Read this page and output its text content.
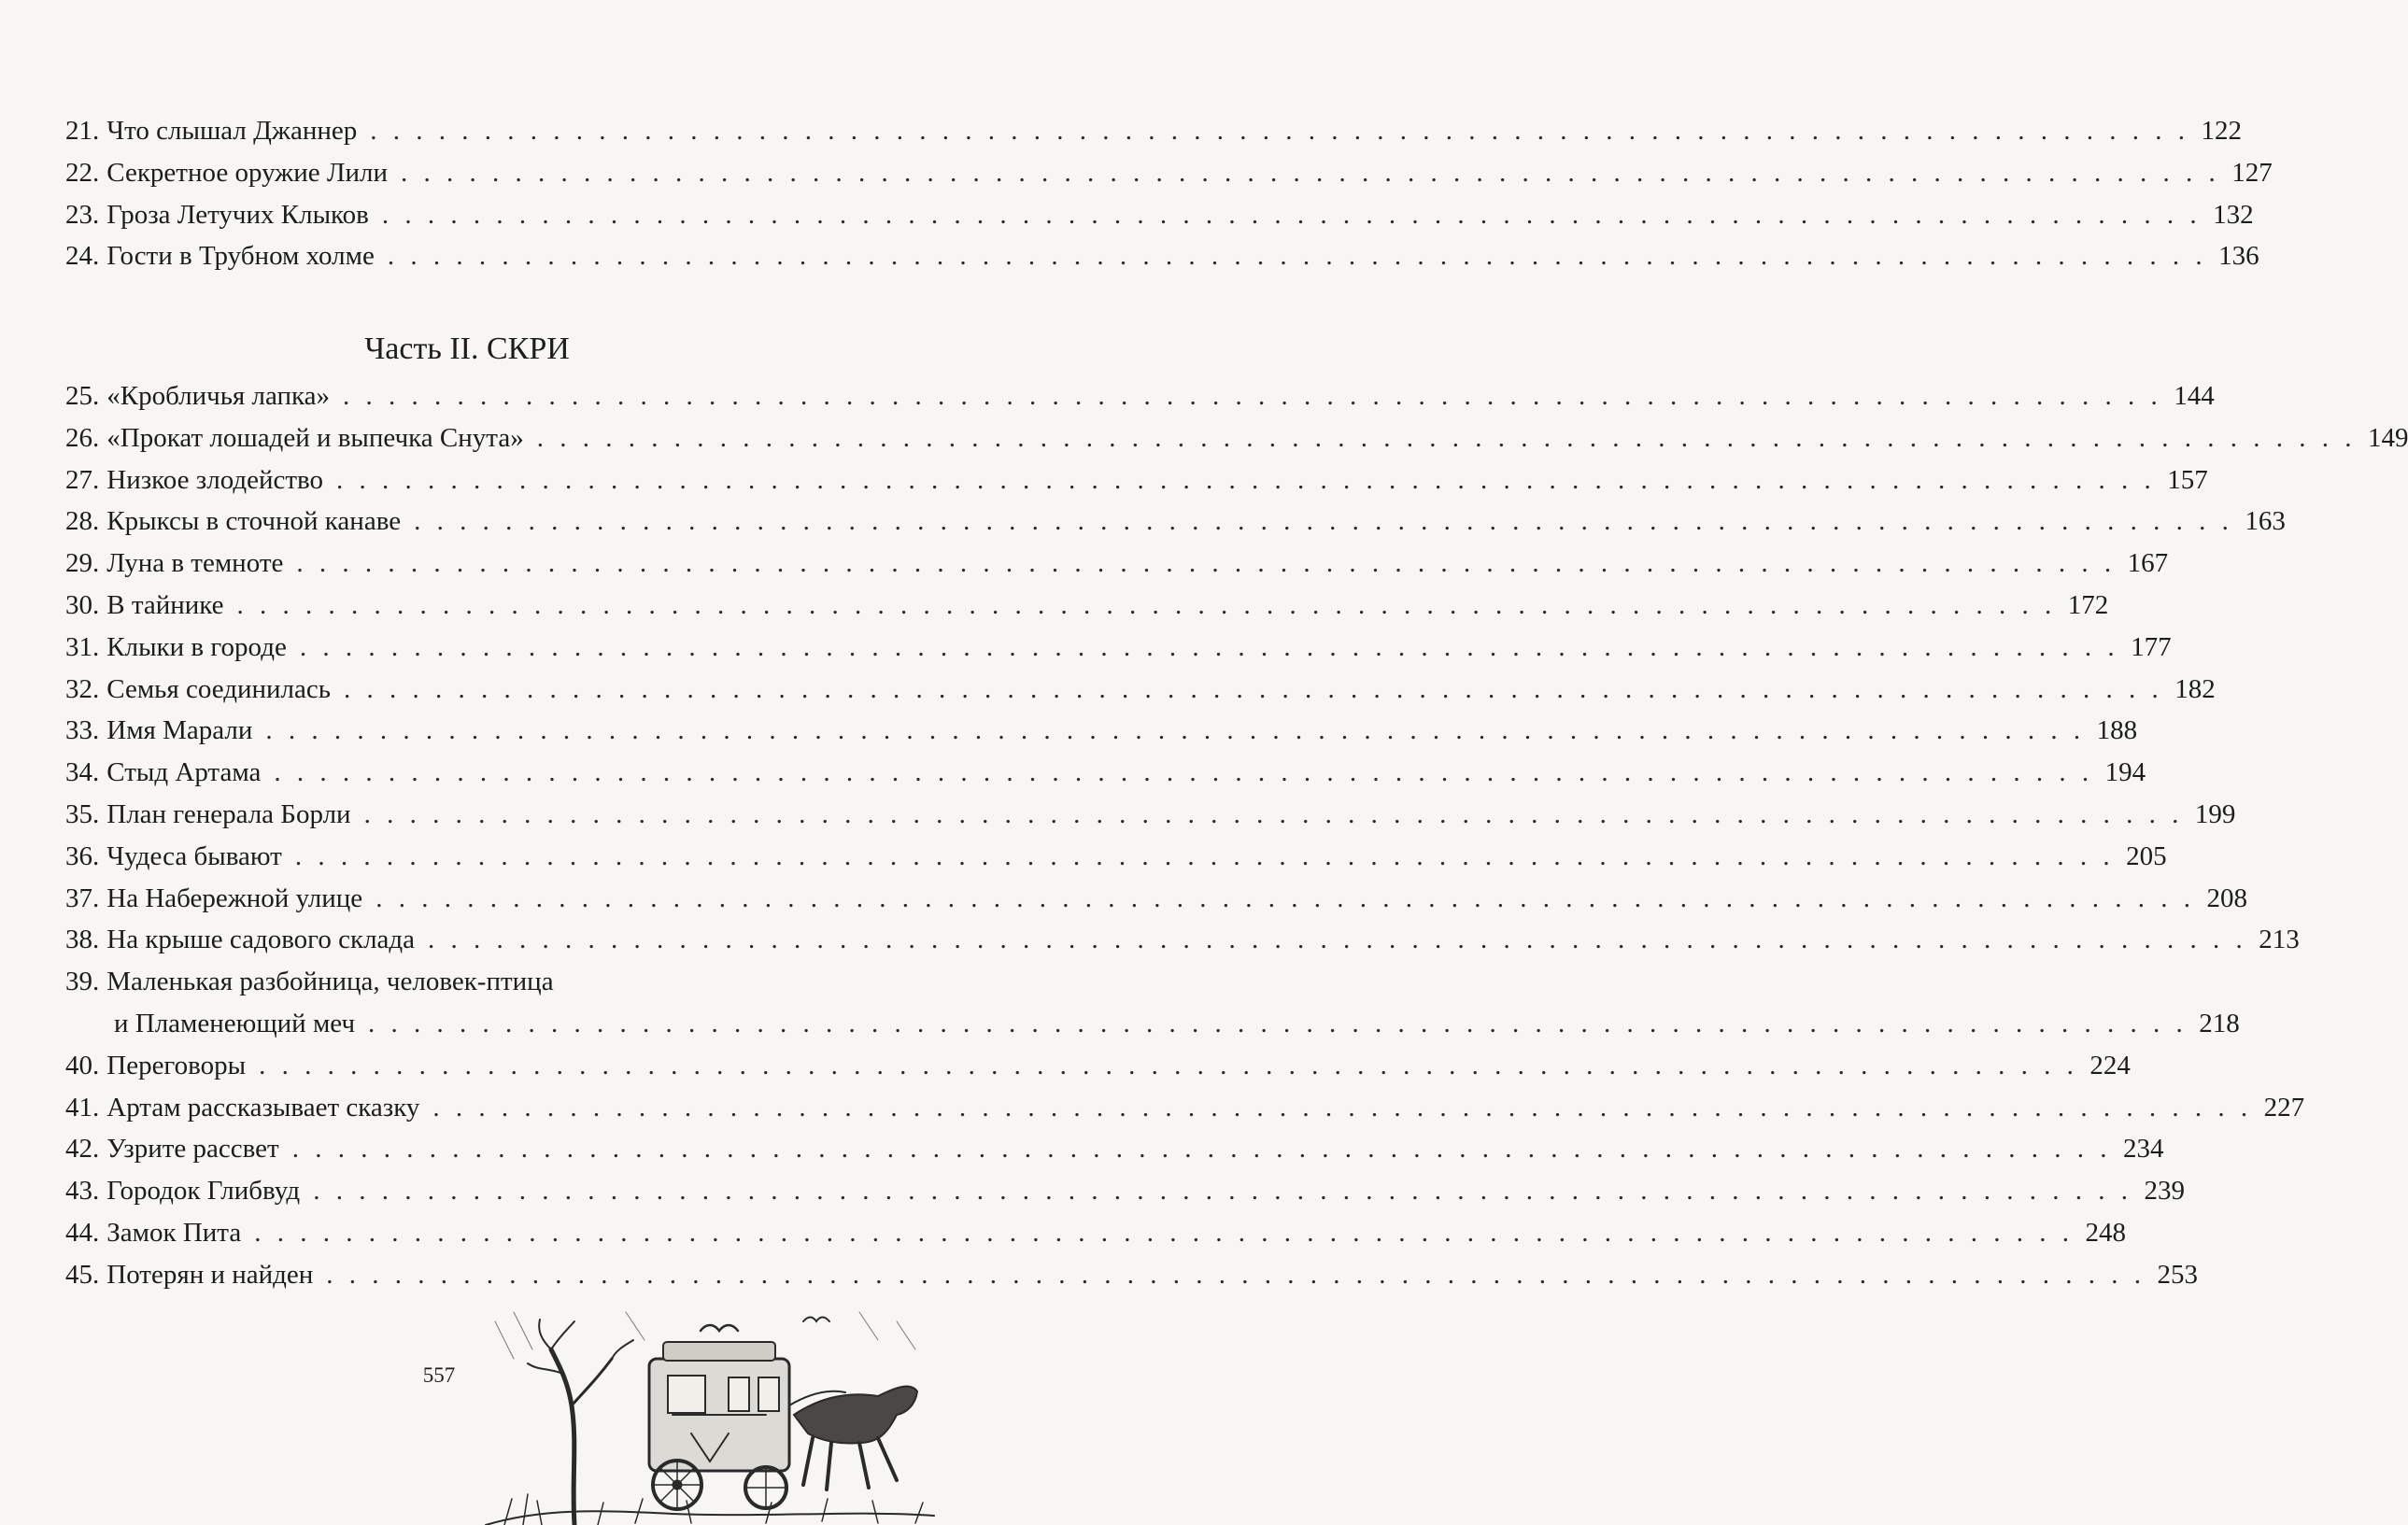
21. Что слышал Джаннер . . . . . . . . . . . . . . . . . . . . . . . . . . . . . . . . . . . . . . . . . . . . . . . . . . . . . . . . . . . . . . . . . . . . . . . . . . . . . . . . 122
22. Секретное оружие Лили . . . . . . . . . . . . . . . . . . . . . . . . . . . . . . . . . . . . . . . . . . . . . . . . . . . . . . . . . . . . . . . . . . . . . . . . . . . . . . . . 127
23. Гроза Летучих Клыков . . . . . . . . . . . . . . . . . . . . . . . . . . . . . . . . . . . . . . . . . . . . . . . . . . . . . . . . . . . . . . . . . . . . . . . . . . . . . . . . 132
24. Гости в Трубном холме . . . . . . . . . . . . . . . . . . . . . . . . . . . . . . . . . . . . . . . . . . . . . . . . . . . . . . . . . . . . . . . . . . . . . . . . . . . . . . . . 136
Часть II. СКРИ
25. «Кробличья лапка» . . . . . . . . . . . . . . . . . . . . . . . . . . . . . . . . . . . . . . . . . . . . . . . . . . . . . . . . . . . . . . . . . . . . . . . . . . . . . . . . 144
26. «Прокат лошадей и выпечка Снута» . . . . . . . . . . . . . . . . . . . . . . . . . . . . . . . . . . . . . . . . . . . . . . . . . . . . . . . . . . . . . . . . . . . . . . . . . . . . . . . . 149
27. Низкое злодейство . . . . . . . . . . . . . . . . . . . . . . . . . . . . . . . . . . . . . . . . . . . . . . . . . . . . . . . . . . . . . . . . . . . . . . . . . . . . . . . . 157
28. Крыксы в сточной канаве . . . . . . . . . . . . . . . . . . . . . . . . . . . . . . . . . . . . . . . . . . . . . . . . . . . . . . . . . . . . . . . . . . . . . . . . . . . . . . . . 163
29. Луна в темноте . . . . . . . . . . . . . . . . . . . . . . . . . . . . . . . . . . . . . . . . . . . . . . . . . . . . . . . . . . . . . . . . . . . . . . . . . . . . . . . . 167
30. В тайнике . . . . . . . . . . . . . . . . . . . . . . . . . . . . . . . . . . . . . . . . . . . . . . . . . . . . . . . . . . . . . . . . . . . . . . . . . . . . . . . . 172
31. Клыки в городе . . . . . . . . . . . . . . . . . . . . . . . . . . . . . . . . . . . . . . . . . . . . . . . . . . . . . . . . . . . . . . . . . . . . . . . . . . . . . . . . 177
32. Семья соединилась . . . . . . . . . . . . . . . . . . . . . . . . . . . . . . . . . . . . . . . . . . . . . . . . . . . . . . . . . . . . . . . . . . . . . . . . . . . . . . . . 182
33. Имя Марали . . . . . . . . . . . . . . . . . . . . . . . . . . . . . . . . . . . . . . . . . . . . . . . . . . . . . . . . . . . . . . . . . . . . . . . . . . . . . . . . 188
34. Стыд Артама . . . . . . . . . . . . . . . . . . . . . . . . . . . . . . . . . . . . . . . . . . . . . . . . . . . . . . . . . . . . . . . . . . . . . . . . . . . . . . . . 194
35. План генерала Борли . . . . . . . . . . . . . . . . . . . . . . . . . . . . . . . . . . . . . . . . . . . . . . . . . . . . . . . . . . . . . . . . . . . . . . . . . . . . . . . . 199
36. Чудеса бывают . . . . . . . . . . . . . . . . . . . . . . . . . . . . . . . . . . . . . . . . . . . . . . . . . . . . . . . . . . . . . . . . . . . . . . . . . . . . . . . . 205
37. На Набережной улице . . . . . . . . . . . . . . . . . . . . . . . . . . . . . . . . . . . . . . . . . . . . . . . . . . . . . . . . . . . . . . . . . . . . . . . . . . . . . . . . 208
38. На крыше садового склада . . . . . . . . . . . . . . . . . . . . . . . . . . . . . . . . . . . . . . . . . . . . . . . . . . . . . . . . . . . . . . . . . . . . . . . . . . . . . . . . 213
39. Маленькая разбойница, человек-птица
и Пламенеющий меч . . . . . . . . . . . . . . . . . . . . . . . . . . . . . . . . . . . . . . . . . . . . . . . . . . . . . . . . . . . . . . . . . . . . . . . . . . . . . . . . 218
40. Переговоры . . . . . . . . . . . . . . . . . . . . . . . . . . . . . . . . . . . . . . . . . . . . . . . . . . . . . . . . . . . . . . . . . . . . . . . . . . . . . . . . 224
41. Артам рассказывает сказку . . . . . . . . . . . . . . . . . . . . . . . . . . . . . . . . . . . . . . . . . . . . . . . . . . . . . . . . . . . . . . . . . . . . . . . . . . . . . . . . 227
42. Узрите рассвет . . . . . . . . . . . . . . . . . . . . . . . . . . . . . . . . . . . . . . . . . . . . . . . . . . . . . . . . . . . . . . . . . . . . . . . . . . . . . . . . 234
43. Городок Глибвуд . . . . . . . . . . . . . . . . . . . . . . . . . . . . . . . . . . . . . . . . . . . . . . . . . . . . . . . . . . . . . . . . . . . . . . . . . . . . . . . . 239
44. Замок Пита . . . . . . . . . . . . . . . . . . . . . . . . . . . . . . . . . . . . . . . . . . . . . . . . . . . . . . . . . . . . . . . . . . . . . . . . . . . . . . . . 248
45. Потерян и найден . . . . . . . . . . . . . . . . . . . . . . . . . . . . . . . . . . . . . . . . . . . . . . . . . . . . . . . . . . . . . . . . . . . . . . . . . . . . . . . . 253
557
